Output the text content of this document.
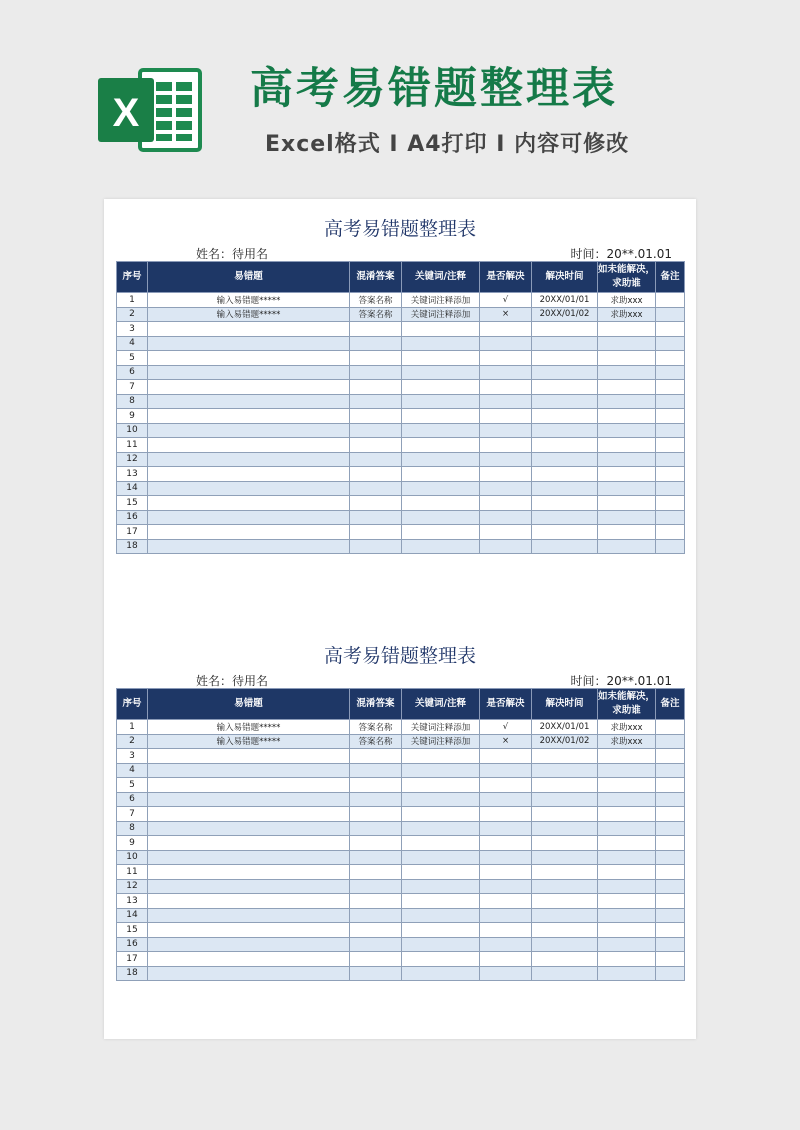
X	高考易错题整理表
Excel格式 I A4打印 I 内容可修改
高考易错题整理表
姓名：待用名	时间：20**.01.01
序号	易错题	混淆答案	关键词/注释	是否解决	解决时间	如未能解决，求助谁	备注
1	输入易错题*****	答案名称	关键词注释添加	√	20XX/01/01	求助xxx	
2	输入易错题*****	答案名称	关键词注释添加	×	20XX/01/02	求助xxx	
3							
4							
5							
6							
7							
8							
9							
10							
11							
12							
13							
14							
15							
16							
17							
18							
高考易错题整理表
姓名：待用名	时间：20**.01.01
序号	易错题	混淆答案	关键词/注释	是否解决	解决时间	如未能解决，求助谁	备注
1	输入易错题*****	答案名称	关键词注释添加	√	20XX/01/01	求助xxx	
2	输入易错题*****	答案名称	关键词注释添加	×	20XX/01/02	求助xxx	
3							
4							
5							
6							
7							
8							
9							
10							
11							
12							
13							
14							
15							
16							
17							
18							
